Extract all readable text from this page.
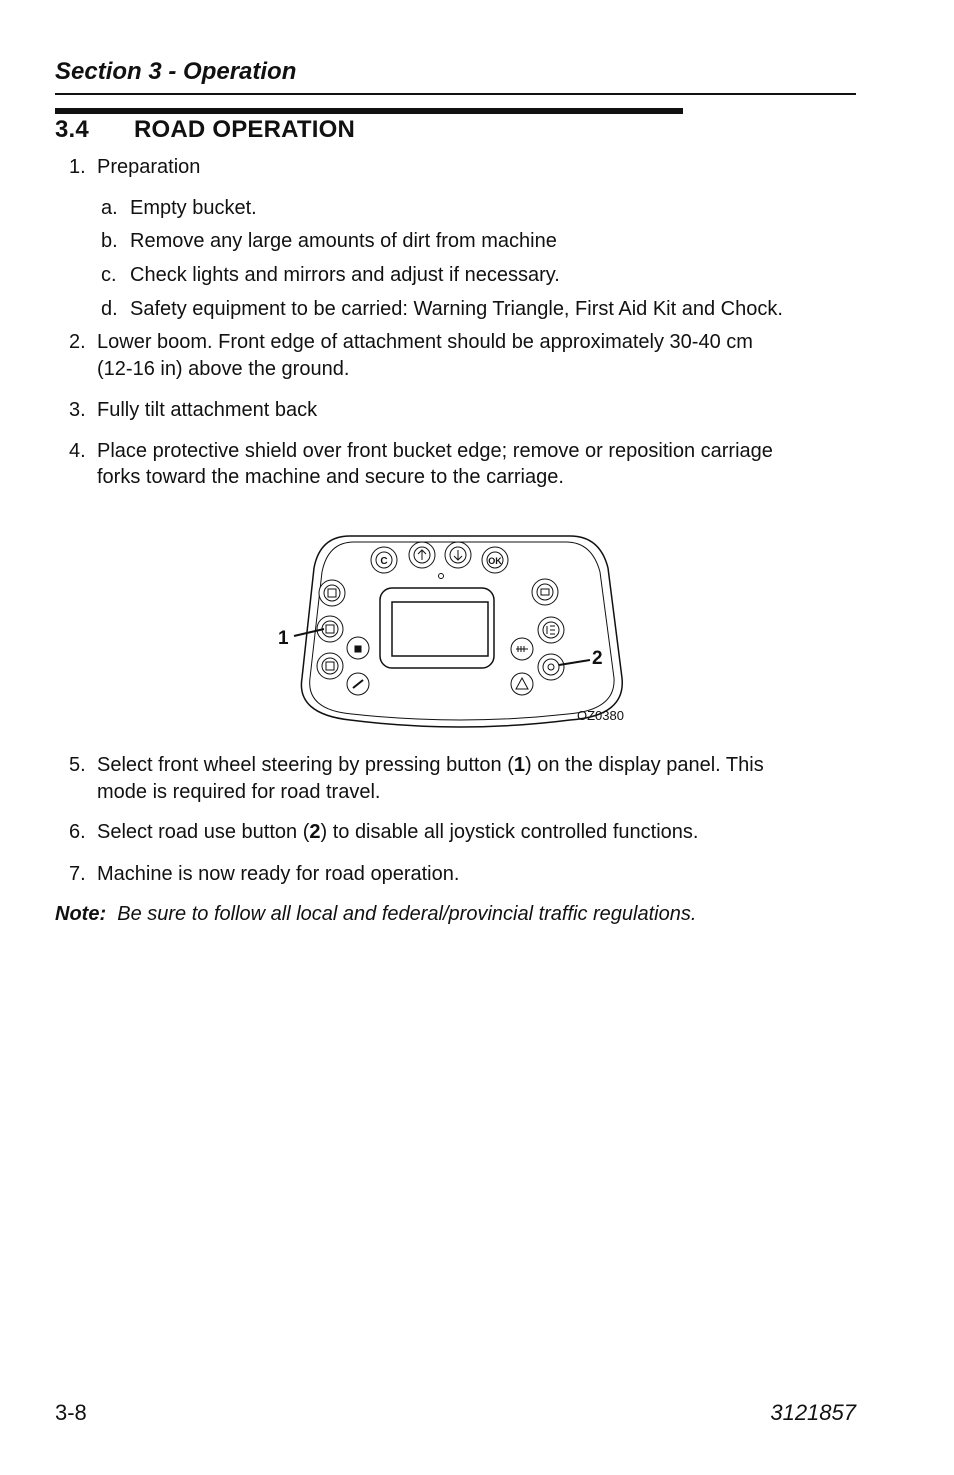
Section 3 - Operation
3.4 ROAD OPERATION
1. Preparation
a. Empty bucket.
b. Remove any large amounts of dirt from machine
c. Check lights and mirrors and adjust if necessary.
d. Safety equipment to be carried: Warning Triangle, First Aid Kit and Chock.
2. Lower boom. Front edge of attachment should be approximately 30-40 cm
(12-16 in) above the ground.
3. Fully tilt attachment back
4. Place protective shield over front bucket edge; remove or reposition carriage
forks toward the machine and secure to the carriage.
C	OK
1
2
OZ0380
5. Select front wheel steering by pressing button (1) on the display panel. This
mode is required for road travel.
6. Select road use button (2) to disable all joystick controlled functions.
7. Machine is now ready for road operation.
Note: Be sure to follow all local and federal/provincial traffic regulations.
3-8	3121857
